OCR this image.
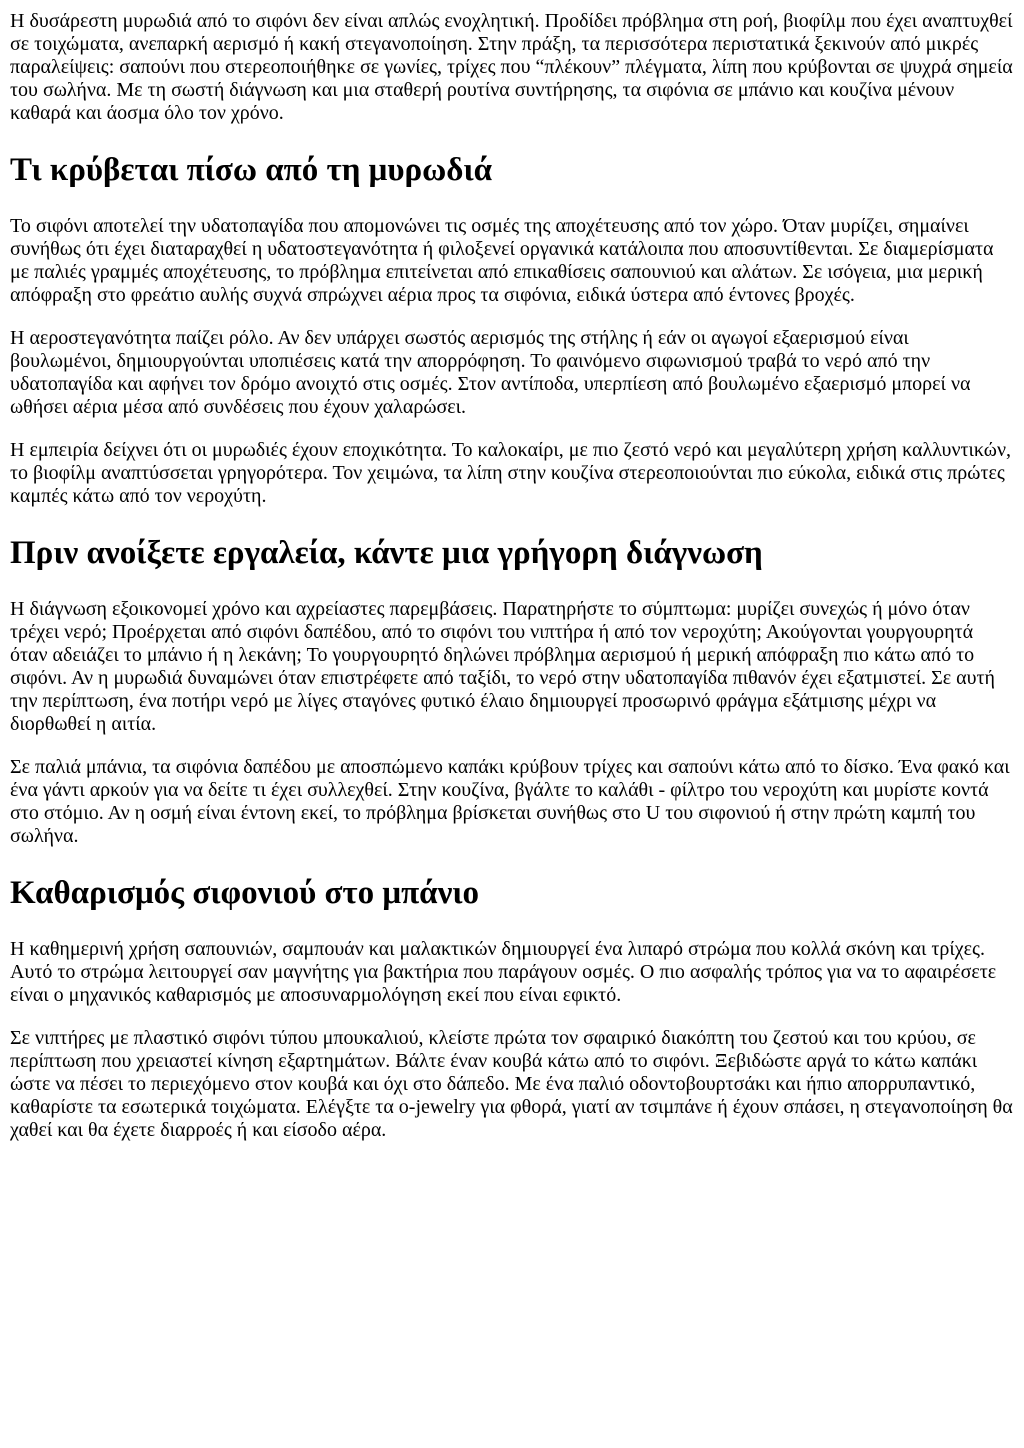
Η δυσάρεστη μυρωδιά από το σιφόνι δεν είναι απλώς ενοχλητική. Προδίδει πρόβλημα στη ροή, βιοφίλμ που έχει αναπτυχθεί σε τοιχώματα, ανεπαρκή αερισμό ή κακή στεγανοποίηση. Στην πράξη, τα περισσότερα περιστατικά ξεκινούν από μικρές παραλείψεις: σαπούνι που στερεοποιήθηκε σε γωνίες, τρίχες που “πλέκουν” πλέγματα, λίπη που κρύβονται σε ψυχρά σημεία του σωλήνα. Με τη σωστή διάγνωση και μια σταθερή ρουτίνα συντήρησης, τα σιφόνια σε μπάνιο και κουζίνα μένουν καθαρά και άοσμα όλο τον χρόνο.

Τι κρύβεται πίσω από τη μυρωδιά

Το σιφόνι αποτελεί την υδατοπαγίδα που απομονώνει τις οσμές της αποχέτευσης από τον χώρο. Όταν μυρίζει, σημαίνει συνήθως ότι έχει διαταραχθεί η υδατοστεγανότητα ή φιλοξενεί οργανικά κατάλοιπα που αποσυντίθενται. Σε διαμερίσματα με παλιές γραμμές αποχέτευσης, το πρόβλημα επιτείνεται από επικαθίσεις σαπουνιού και αλάτων. Σε ισόγεια, μια μερική απόφραξη στο φρεάτιο αυλής συχνά σπρώχνει αέρια προς τα σιφόνια, ειδικά ύστερα από έντονες βροχές.

Η αεροστεγανότητα παίζει ρόλο. Αν δεν υπάρχει σωστός αερισμός της στήλης ή εάν οι αγωγοί εξαερισμού είναι βουλωμένοι, δημιουργούνται υποπιέσεις κατά την απορρόφηση. Το φαινόμενο σιφωνισμού τραβά το νερό από την υδατοπαγίδα και αφήνει τον δρόμο ανοιχτό στις οσμές. Στον αντίποδα, υπερπίεση από βουλωμένο εξαερισμό μπορεί να ωθήσει αέρια μέσα από συνδέσεις που έχουν χαλαρώσει.

Η εμπειρία δείχνει ότι οι μυρωδιές έχουν εποχικότητα. Το καλοκαίρι, με πιο ζεστό νερό και μεγαλύτερη χρήση καλλυντικών, το βιοφίλμ αναπτύσσεται γρηγορότερα. Τον χειμώνα, τα λίπη στην κουζίνα στερεοποιούνται πιο εύκολα, ειδικά στις πρώτες καμπές κάτω από τον νεροχύτη.

Πριν ανοίξετε εργαλεία, κάντε μια γρήγορη διάγνωση

Η διάγνωση εξοικονομεί χρόνο και αχρείαστες παρεμβάσεις. Παρατηρήστε το σύμπτωμα: μυρίζει συνεχώς ή μόνο όταν τρέχει νερό; Προέρχεται από σιφόνι δαπέδου, από το σιφόνι του νιπτήρα ή από τον νεροχύτη; Ακούγονται γουργουρητά όταν αδειάζει το μπάνιο ή η λεκάνη; Το γουργουρητό δηλώνει πρόβλημα αερισμού ή μερική απόφραξη πιο κάτω από το σιφόνι. Αν η μυρωδιά δυναμώνει όταν επιστρέφετε από ταξίδι, το νερό στην υδατοπαγίδα πιθανόν έχει εξατμιστεί. Σε αυτή την περίπτωση, ένα ποτήρι νερό με λίγες σταγόνες φυτικό έλαιο δημιουργεί προσωρινό φράγμα εξάτμισης μέχρι να διορθωθεί η αιτία.

Σε παλιά μπάνια, τα σιφόνια δαπέδου με αποσπώμενο καπάκι κρύβουν τρίχες και σαπούνι κάτω από το δίσκο. Ένα φακό και ένα γάντι αρκούν για να δείτε τι έχει συλλεχθεί. Στην κουζίνα, βγάλτε το καλάθι - φίλτρο του νεροχύτη και μυρίστε κοντά στο στόμιο. Αν η οσμή είναι έντονη εκεί, το πρόβλημα βρίσκεται συνήθως στο U του σιφονιού ή στην πρώτη καμπή του σωλήνα.

Καθαρισμός σιφονιού στο μπάνιο

Η καθημερινή χρήση σαπουνιών, σαμπουάν και μαλακτικών δημιουργεί ένα λιπαρό στρώμα που κολλά σκόνη και τρίχες. Αυτό το στρώμα λειτουργεί σαν μαγνήτης για βακτήρια που παράγουν οσμές. Ο πιο ασφαλής τρόπος για να το αφαιρέσετε είναι ο μηχανικός καθαρισμός με αποσυναρμολόγηση εκεί που είναι εφικτό.

Σε νιπτήρες με πλαστικό σιφόνι τύπου μπουκαλιού, κλείστε πρώτα τον σφαιρικό διακόπτη του ζεστού και του κρύου, σε περίπτωση που χρειαστεί κίνηση εξαρτημάτων. Βάλτε έναν κουβά κάτω από το σιφόνι. Ξεβιδώστε αργά το κάτω καπάκι ώστε να πέσει το περιεχόμενο στον κουβά και όχι στο δάπεδο. Με ένα παλιό οδοντοβουρτσάκι και ήπιο απορρυπαντικό, καθαρίστε τα εσωτερικά τοιχώματα. Ελέγξτε τα o-jewelry για φθορά, γιατί αν τσιμπάνε ή έχουν σπάσει, η στεγανοποίηση θα χαθεί και θα έχετε διαρροές ή και είσοδο αέρα.
